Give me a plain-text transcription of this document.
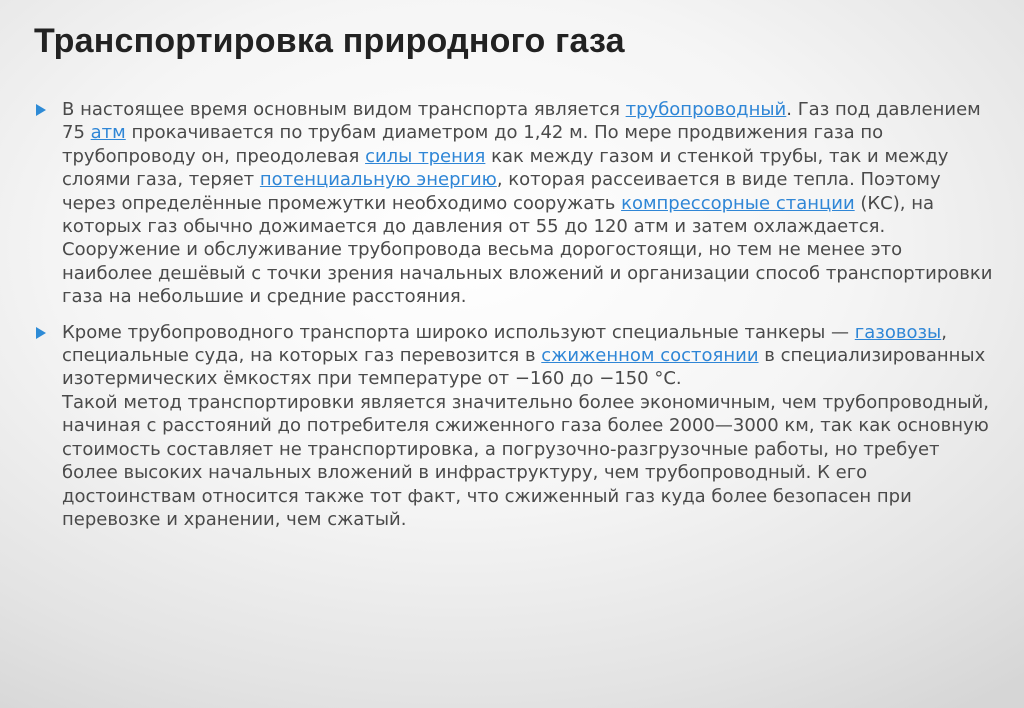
Транспортировка природного газа
В настоящее время основным видом транспорта является трубопроводный. Газ под давлением 75 атм прокачивается по трубам диаметром до 1,42 м. По мере продвижения газа по трубопроводу он, преодолевая силы трения как между газом и стенкой трубы, так и между слоями газа, теряет потенциальную энергию, которая рассеивается в виде тепла. Поэтому через определённые промежутки необходимо сооружать компрессорные станции (КС), на которых газ обычно дожимается до давления от 55 до 120 атм и затем охлаждается. Сооружение и обслуживание трубопровода весьма дорогостоящи, но тем не менее это наиболее дешёвый с точки зрения начальных вложений и организации способ транспортировки газа на небольшие и средние расстояния.
Кроме трубопроводного транспорта широко используют специальные танкеры — газовозы, специальные суда, на которых газ перевозится в сжиженном состоянии в специализированных изотермических ёмкостях при температуре от −160 до −150 °С.
Такой метод транспортировки является значительно более экономичным, чем трубопроводный, начиная с расстояний до потребителя сжиженного газа более 2000—3000 км, так как основную стоимость составляет не транспортировка, а погрузочно-разгрузочные работы, но требует более высоких начальных вложений в инфраструктуру, чем трубопроводный. К его достоинствам относится также тот факт, что сжиженный газ куда более безопасен при перевозке и хранении, чем сжатый.
